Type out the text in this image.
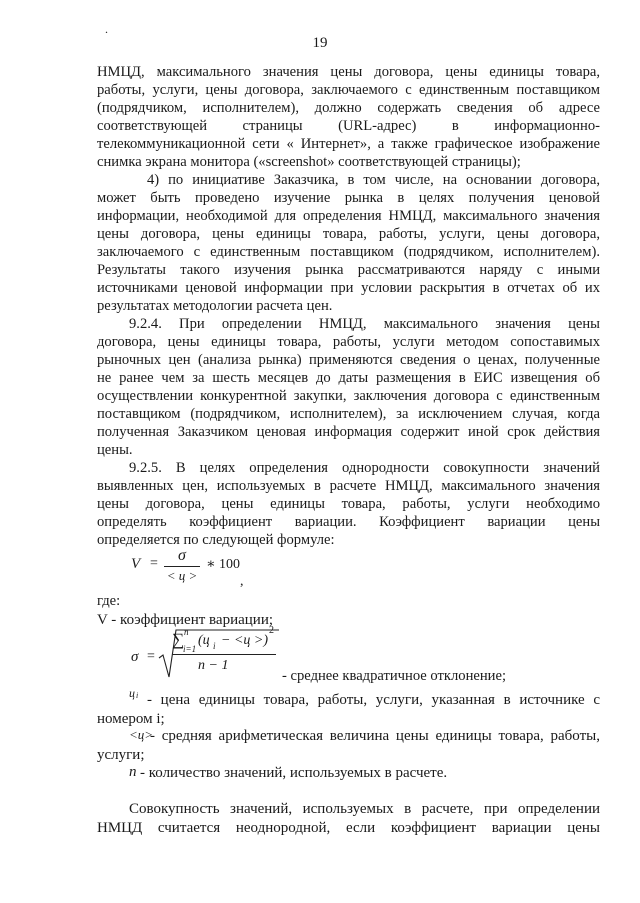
.
19
НМЦД, максимального значения цены договора, цены единицы товара,
работы, услуги, цены договора, заключаемого с единственным поставщиком
(подрядчиком, исполнителем), должно содержать сведения об адресе
соответствующей страницы (URL-адрес) в информационно-
телекоммуникационной сети « Интернет», а также графическое изображение
снимка экрана монитора («screenshot» соответствующей страницы);
4) по инициативе Заказчика, в том числе, на основании договора,
может быть проведено изучение рынка в целях получения ценовой
информации, необходимой для определения НМЦД, максимального значения
цены договора, цены единицы товара, работы, услуги, цены договора,
заключаемого с единственным поставщиком (подрядчиком, исполнителем).
Результаты такого изучения рынка рассматриваются наряду с иными
источниками ценовой информации при условии раскрытия в отчетах об их
результатах методологии расчета цен.
9.2.4. При определении НМЦД, максимального значения цены
договора, цены единицы товара, работы, услуги методом сопоставимых
рыночных цен (анализа рынка) применяются сведения о ценах, полученные
не ранее чем за шесть месяцев до даты размещения в ЕИС извещения об
осуществлении конкурентной закупки, заключения договора с единственным
поставщиком (подрядчиком, исполнителем), за исключением случая, когда
полученная Заказчиком ценовая информация содержит иной срок действия
цены.
9.2.5. В целях определения однородности совокупности значений
выявленных цен, используемых в расчете НМЦД, максимального значения
цены договора, цены единицы товара, работы, услуги необходимо
определять коэффициент вариации. Коэффициент вариации цены
определяется по следующей формуле:
V =	σ
< ц >
∗ 100
,
где:
V - коэффициент вариации;
σ =
∑ n
i=1
(ц i − <ц >)
2
n − 1
- среднее квадратичное отклонение;
ц i - цена единицы товара, работы, услуги, указанная в источнике с
номером i;
<ц>
- средняя арифметическая величина цены единицы товара, работы,
услуги;
n - количество значений, используемых в расчете.
Совокупность значений, используемых в расчете, при определении
НМЦД считается неоднородной, если коэффициент вариации цены
